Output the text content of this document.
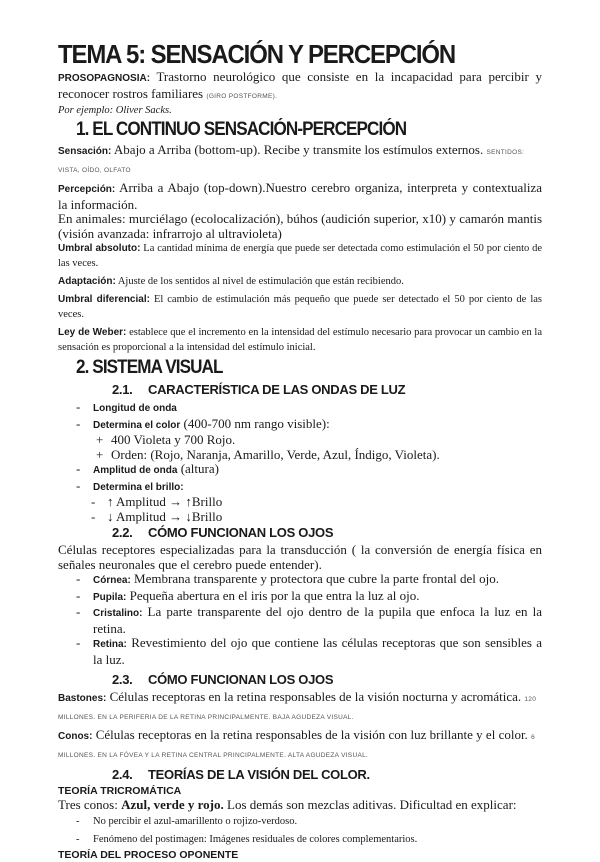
TEMA 5: SENSACIÓN Y PERCEPCIÓN

PROSOPAGNOSIA: Trastorno neurológico que consiste en la incapacidad para percibir y reconocer rostros familiares (GIRO POSTFORME).

Por ejemplo: Oliver Sacks.

1. EL CONTINUO SENSACIÓN-PERCEPCIÓN

Sensación: Abajo a Arriba (bottom-up). Recibe y transmite los estímulos externos. SENTIDOS: VISTA, OÍDO, OLFATO

Percepción: Arriba a Abajo (top-down).Nuestro cerebro organiza, interpreta y contextualiza la información.

En animales: murciélago (ecolocalización), búhos (audición superior, x10) y camarón mantis (visión avanzada: infrarrojo al ultravioleta)

Umbral absoluto: La cantidad mínima de energía que puede ser detectada como estimulación el 50 por ciento de las veces.

Adaptación: Ajuste de los sentidos al nivel de estimulación que están recibiendo.

Umbral diferencial: El cambio de estimulación más pequeño que puede ser detectado el 50 por ciento de las veces.

Ley de Weber: establece que el incremento en la intensidad del estímulo necesario para provocar un cambio en la sensación es proporcional a la intensidad del estímulo inicial.

2. SISTEMA VISUAL
2.1. CARACTERÍSTICA DE LAS ONDAS DE LUZ
- Longitud de onda
- Determina el color (400-700 nm rango visible):
+ 400 Violeta y 700 Rojo.
+ Orden: (Rojo, Naranja, Amarillo, Verde, Azul, Índigo, Violeta).
- Amplitud de onda (altura)
- Determina el brillo:
- ↑ Amplitud → ↑Brillo
- ↓ Amplitud → ↓Brillo
2.2. CÓMO FUNCIONAN LOS OJOS

Células receptores especializadas para la transducción ( la conversión de energía física en señales neuronales que el cerebro puede entender).

- Córnea: Membrana transparente y protectora que cubre la parte frontal del ojo.
- Pupila: Pequeña abertura en el iris por la que entra la luz al ojo.
- Cristalino: La parte transparente del ojo dentro de la pupila que enfoca la luz en la retina.
- Retina: Revestimiento del ojo que contiene las células receptoras que son sensibles a la luz.
2.3. CÓMO FUNCIONAN LOS OJOS

Bastones: Células receptoras en la retina responsables de la visión nocturna y acromática. 120 MILLONES. EN LA PERIFERIA DE LA RETINA PRINCIPALMENTE. BAJA AGUDEZA VISUAL.

Conos: Células receptoras en la retina responsables de la visión con luz brillante y el color. 6 MILLONES. EN LA FÓVEA Y LA RETINA CENTRAL PRINCIPALMENTE. ALTA AGUDEZA VISUAL.

2.4. TEORÍAS DE LA VISIÓN DEL COLOR.

TEORÍA TRICROMÁTICA

Tres conos: Azul, verde y rojo. Los demás son mezclas aditivas. Dificultad en explicar:

- No percibir el azul-amarillento o rojizo-verdoso.
- Fenómeno del postimagen: Imágenes residuales de colores complementarios.

TEORÍA DEL PROCESO OPONENTE
